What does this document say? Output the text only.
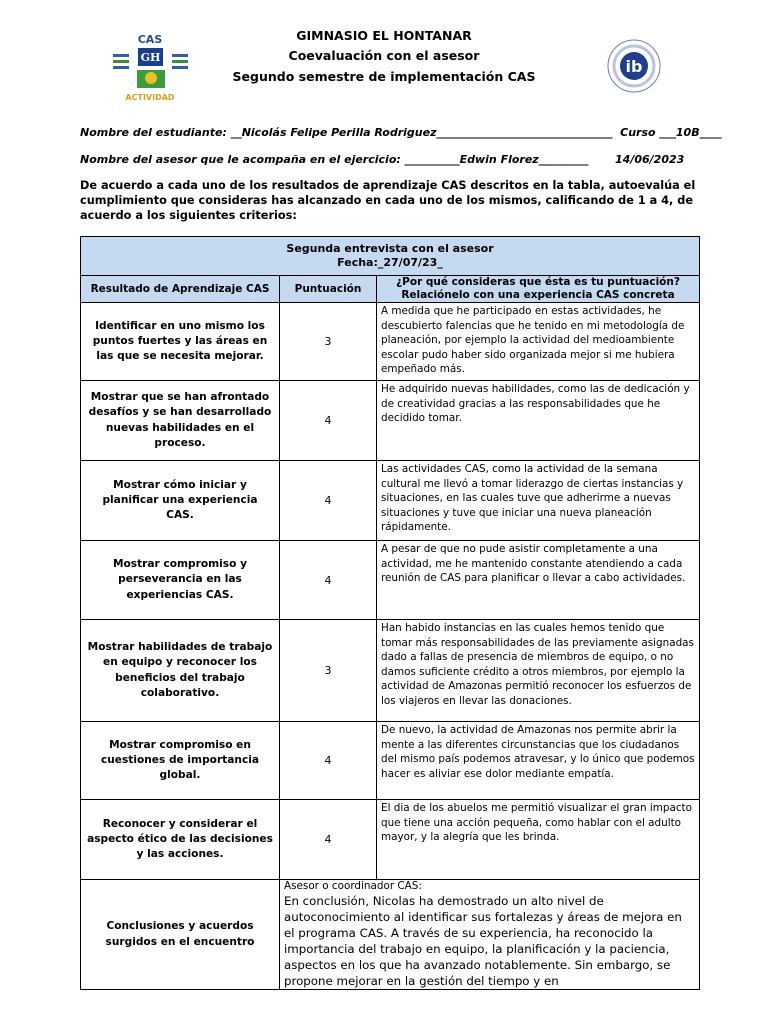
CAS
GH
ACTIVIDAD
ib
GIMNASIO EL HONTANAR
Coevaluación con el asesor
Segundo semestre de implementación CAS
Nombre del estudiante: __Nicolás Felipe Perilla Rodriguez________________________________  Curso ___10B____
Nombre del asesor que le acompaña en el ejercicio: __________Edwin Florez_________       14/06/2023
De acuerdo a cada uno de los resultados de aprendizaje CAS descritos en la tabla, autoevalúa el cumplimiento que consideras has alcanzado en cada uno de los mismos, calificando de 1 a 4, de acuerdo a los siguientes criterios:
Segunda entrevista con el asesor
Fecha:_27/07/23_		

Resultado de Aprendizaje CAS	Puntuación	¿Por qué consideras que ésta es tu puntuación? Relaciónelo con una experiencia CAS concreta
Identificar en uno mismo los puntos fuertes y las áreas en las que se necesita mejorar.	3	A medida que he participado en estas actividades, he descubierto falencias que he tenido en mi metodología de planeación, por ejemplo la actividad del medioambiente escolar pudo haber sido organizada mejor si me hubiera empeñado más.
Mostrar que se han afrontado desafíos y se han desarrollado nuevas habilidades en el proceso.	4	He adquirido nuevas habilidades, como las de dedicación y de creatividad gracias a las responsabilidades que he decidido tomar.
Mostrar cómo iniciar y planificar una experiencia CAS.	4	Las actividades CAS, como la actividad de la semana cultural me llevó a tomar liderazgo de ciertas instancias y situaciones, en las cuales tuve que adherirme a nuevas situaciones y tuve que iniciar una nueva planeación rápidamente.
Mostrar compromiso y perseverancia en las experiencias CAS.	4	A pesar de que no pude asistir completamente a una actividad, me he mantenido constante atendiendo a cada reunión de CAS para planificar o llevar a cabo actividades.
Mostrar habilidades de trabajo en equipo y reconocer los beneficios del trabajo colaborativo.	3	Han habido instancias en las cuales hemos tenido que tomar más responsabilidades de las previamente asignadas dado a fallas de presencia de miembros de equipo, o no damos suficiente crédito a otros miembros, por ejemplo la actividad de Amazonas permitió reconocer los esfuerzos de los viajeros en llevar las donaciones.
Mostrar compromiso en cuestiones de importancia global.	4	De nuevo, la actividad de Amazonas nos permite abrir la mente a las diferentes circunstancias que los ciudadanos del mismo país podemos atravesar, y lo único que podemos hacer es aliviar ese dolor mediante empatía.
Reconocer y considerar el aspecto ético de las decisiones y las acciones.	4	El dia de los abuelos me permitió visualizar el gran impacto que tiene una acción pequeña, como hablar con el adulto mayor, y la alegría que les brinda.
Conclusiones y acuerdos surgidos en el encuentro	Asesor o coordinador CAS:
En conclusión, Nicolas ha demostrado un alto nivel de autoconocimiento al identificar sus fortalezas y áreas de mejora en el programa CAS. A través de su experiencia, ha reconocido la importancia del trabajo en equipo, la planificación y la paciencia, aspectos en los que ha avanzado notablemente. Sin embargo, se propone mejorar en la gestión del tiempo y en	
